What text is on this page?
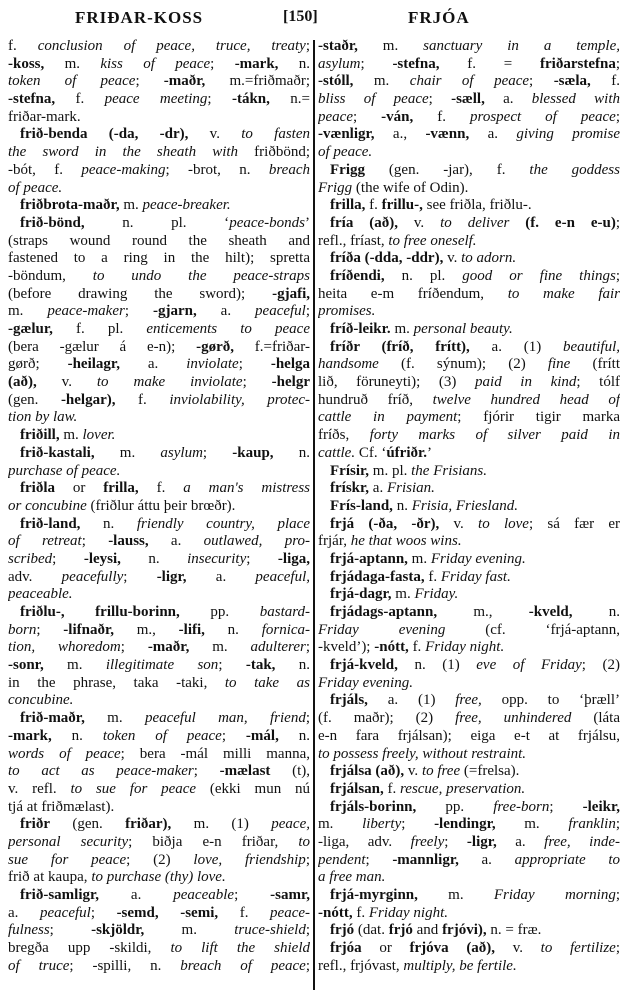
FRIÐAR-KOSS	[150]	FRJÓA
f. conclusion of peace, truce, treaty;
-koss, m. kiss of peace; -mark, n.
token of peace; -maðr, m.=friðmaðr;
-stefna, f. peace meeting; -tákn, n.=
friðar-mark.
frið-benda (-da, -dr), v. to fasten
the sword in the sheath with friðbönd;
-bót, f. peace-making; -brot, n. breach
of peace.
friðbrota-maðr, m. peace-breaker.
frið-bönd, n. pl. ‘peace-bonds’
(straps wound round the sheath and
fastened to a ring in the hilt); spretta
-böndum, to undo the peace-straps
(before drawing the sword); -gjafi,
m. peace-maker; -gjarn, a. peaceful;
-gælur, f. pl. enticements to peace
(bera -gælur á e-n); -gørð, f.=friðar-
gørð; -heilagr, a. inviolate; -helga
(að), v. to make inviolate; -helgr
(gen. -helgar), f. inviolability, protec-
tion by law.
friðill, m. lover.
frið-kastali, m. asylum; -kaup, n.
purchase of peace.
friðla or frilla, f. a man's mistress
or concubine (friðlur áttu þeir brœðr).
frið-land, n. friendly country, place
of retreat; -lauss, a. outlawed, pro-
scribed; -leysi, n. insecurity; -liga,
adv. peacefully; -ligr, a. peaceful,
peaceable.
friðlu-, frillu-borinn, pp. bastard-
born; -lifnaðr, m., -lifi, n. fornica-
tion, whoredom; -maðr, m. adulterer;
-sonr, m. illegitimate son; -tak, n.
in the phrase, taka -taki, to take as
concubine.
frið-maðr, m. peaceful man, friend;
-mark, n. token of peace; -mál, n.
words of peace; bera -mál milli manna,
to act as peace-maker; -mælast (t),
v. refl. to sue for peace (ekki mun nú
tjá at friðmælast).
friðr (gen. friðar), m. (1) peace,
personal security; biðja e-n friðar, to
sue for peace; (2) love, friendship;
frið at kaupa, to purchase (thy) love.
frið-samligr, a. peaceable; -samr,
a. peaceful; -semd, -semi, f. peace-
fulness; -skjöldr, m. truce-shield;
bregða upp -skildi, to lift the shield
of truce; -spilli, n. breach of peace;
-staðr, m. sanctuary in a temple,
asylum; -stefna, f. = friðarstefna;
-stóll, m. chair of peace; -sæla, f.
bliss of peace; -sæll, a. blessed with
peace; -ván, f. prospect of peace;
-vænligr, a., -vænn, a. giving promise
of peace.
Frigg (gen. -jar), f. the goddess
Frigg (the wife of Odin).
frilla, f. frillu-, see friðla, friðlu-.
fría (að), v. to deliver (f. e-n e-u);
refl., fríast, to free oneself.
fríða (-dda, -ddr), v. to adorn.
fríðendi, n. pl. good or fine things;
heita e-m fríðendum, to make fair
promises.
fríð-leikr. m. personal beauty.
fríðr (fríð, frítt), a. (1) beautiful,
handsome (f. sýnum); (2) fine (frítt
lið, föruneyti); (3) paid in kind; tólf
hundruð fríð, twelve hundred head of
cattle in payment; fjórir tigir marka
fríðs, forty marks of silver paid in
cattle. Cf. ‘úfriðr.’
Frísir, m. pl. the Frisians.
frískr, a. Frisian.
Frís-land, n. Frisia, Friesland.
frjá (-ða, -ðr), v. to love; sá fær er
frjár, he that woos wins.
frjá-aptann, m. Friday evening.
frjádaga-fasta, f. Friday fast.
frjá-dagr, m. Friday.
frjádags-aptann, m., -kveld, n.
Friday evening (cf. ‘frjá-aptann,
-kveld’); -nótt, f. Friday night.
frjá-kveld, n. (1) eve of Friday; (2)
Friday evening.
frjáls, a. (1) free, opp. to ‘þræll’
(f. maðr); (2) free, unhindered (láta
e-n fara frjálsan); eiga e-t at frjálsu,
to possess freely, without restraint.
frjálsa (að), v. to free (=frelsa).
frjálsan, f. rescue, preservation.
frjáls-borinn, pp. free-born; -leikr,
m. liberty; -lendingr, m. franklin;
-liga, adv. freely; -ligr, a. free, inde-
pendent; -mannligr, a. appropriate to
a free man.
frjá-myrginn, m. Friday morning;
-nótt, f. Friday night.
frjó (dat. frjó and frjóvi), n. = fræ.
frjóa or frjóva (að), v. to fertilize;
refl., frjóvast, multiply, be fertile.
